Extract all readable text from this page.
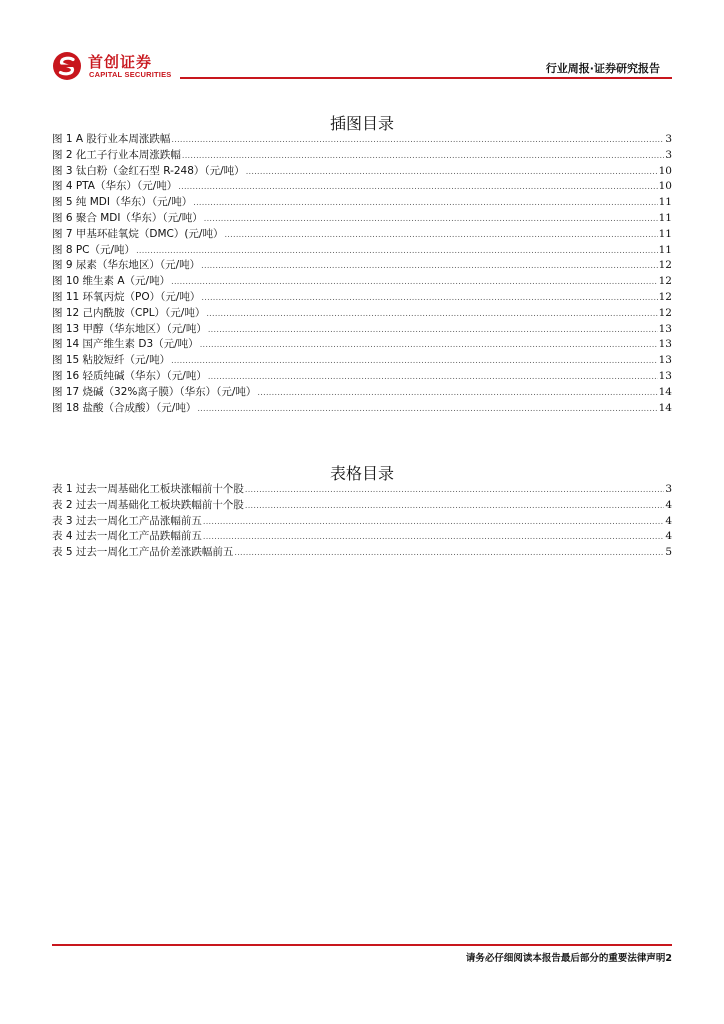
首创证券
CAPITAL SECURITIES	行业周报·证券研究报告
插图目录
图 1 A 股行业本周涨跌幅 .....	3
图 2 化工子行业本周涨跌幅 .....	3
图 3 钛白粉（金红石型 R-248）（元/吨） .....	10
图 4 PTA（华东）（元/吨） .....	10
图 5 纯 MDI（华东）（元/吨） .....	11
图 6 聚合 MDI（华东）（元/吨） .....	11
图 7 甲基环硅氧烷（DMC）(元/吨） .....	11
图 8 PC（元/吨） .....	11
图 9 尿素（华东地区）（元/吨） .....	12
图 10 维生素 A（元/吨） .....	12
图 11 环氧丙烷（PO）（元/吨） .....	12
图 12 己内酰胺（CPL）（元/吨） .....	12
图 13 甲醇（华东地区）（元/吨） .....	13
图 14 国产维生素 D3（元/吨） .....	13
图 15 粘胶短纤（元/吨） .....	13
图 16 轻质纯碱（华东）（元/吨） .....	13
图 17 烧碱（32%离子膜）（华东）（元/吨） .....	14
图 18 盐酸（合成酸）（元/吨） .....	14
表格目录
表 1 过去一周基础化工板块涨幅前十个股 .....	3
表 2 过去一周基础化工板块跌幅前十个股 .....	4
表 3 过去一周化工产品涨幅前五 .....	4
表 4 过去一周化工产品跌幅前五 .....	4
表 5 过去一周化工产品价差涨跌幅前五 .....	5
请务必仔细阅读本报告最后部分的重要法律声明2
